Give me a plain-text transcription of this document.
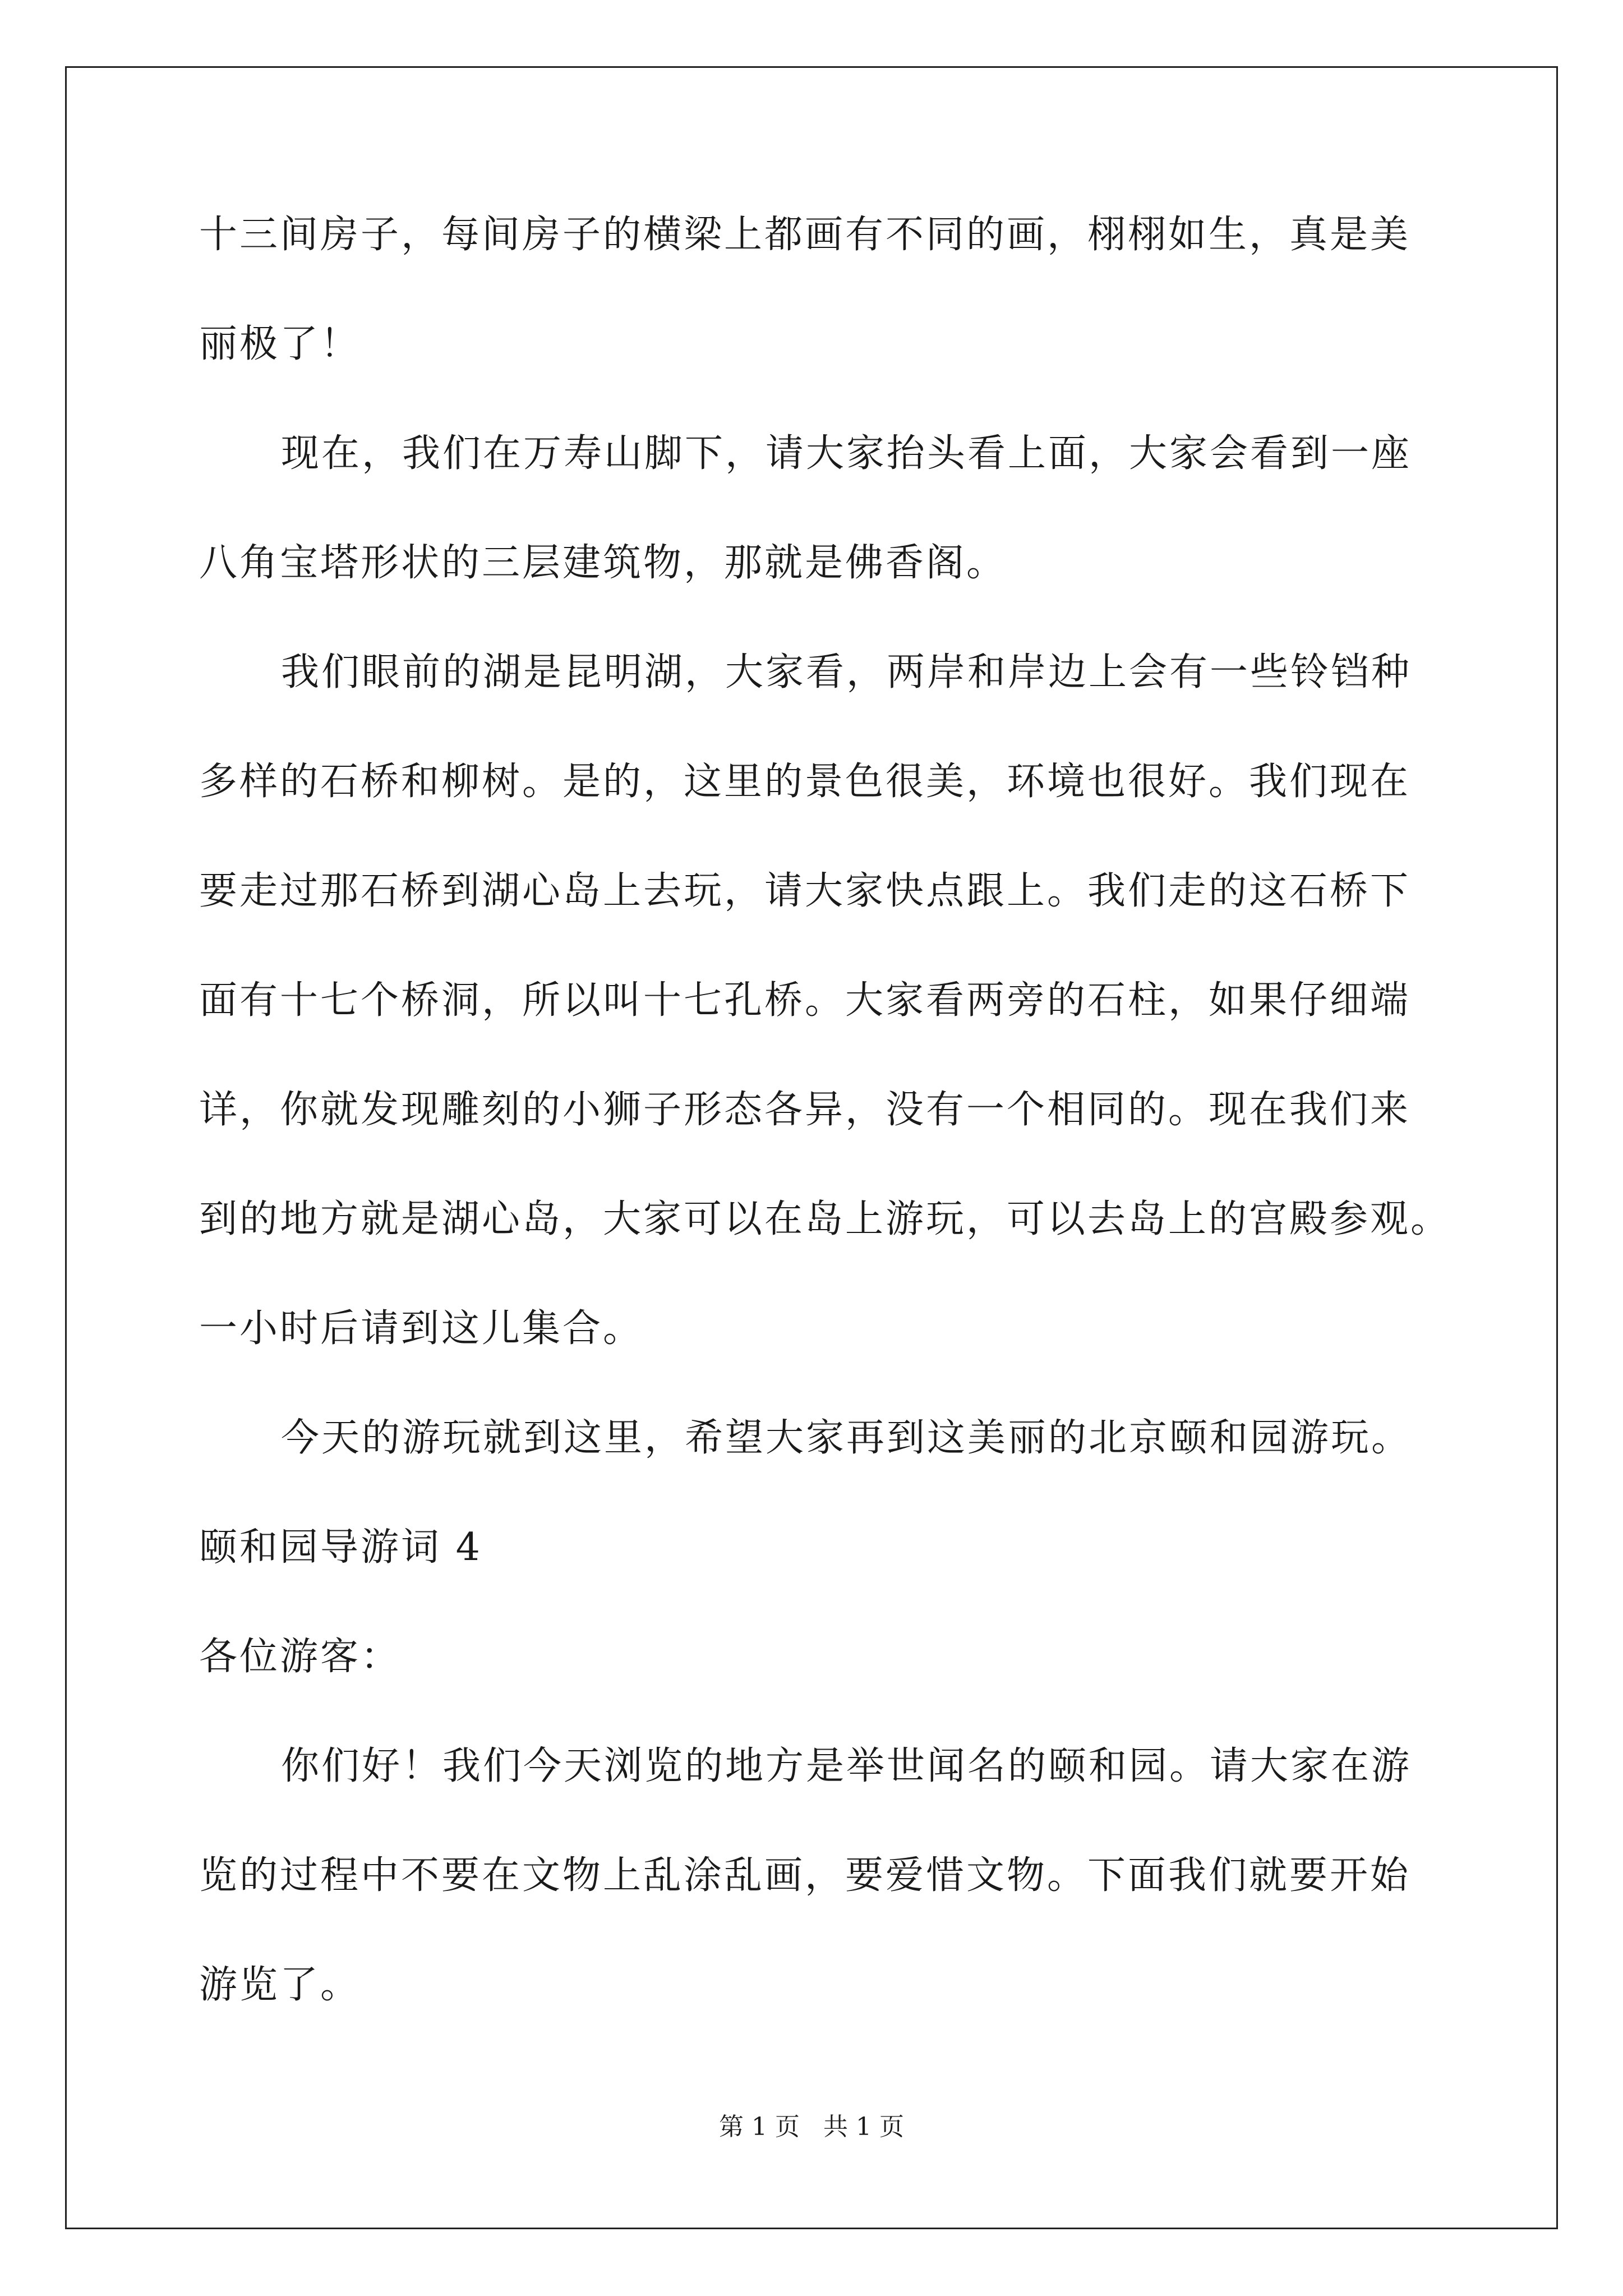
十三间房子，每间房子的横梁上都画有不同的画，栩栩如生，真是美
丽极了！
现在，我们在万寿山脚下，请大家抬头看上面，大家会看到一座
八角宝塔形状的三层建筑物，那就是佛香阁。
我们眼前的湖是昆明湖，大家看，两岸和岸边上会有一些铃铛种
多样的石桥和柳树。是的，这里的景色很美，环境也很好。我们现在
要走过那石桥到湖心岛上去玩，请大家快点跟上。我们走的这石桥下
面有十七个桥洞，所以叫十七孔桥。大家看两旁的石柱，如果仔细端
详，你就发现雕刻的小狮子形态各异，没有一个相同的。现在我们来
到的地方就是湖心岛，大家可以在岛上游玩，可以去岛上的宫殿参观。
一小时后请到这儿集合。
今天的游玩就到这里，希望大家再到这美丽的北京颐和园游玩。
颐和园导游词 4
各位游客：
你们好！我们今天浏览的地方是举世闻名的颐和园。请大家在游
览的过程中不要在文物上乱涂乱画，要爱惜文物。下面我们就要开始
游览了。
第 1 页   共 1 页
